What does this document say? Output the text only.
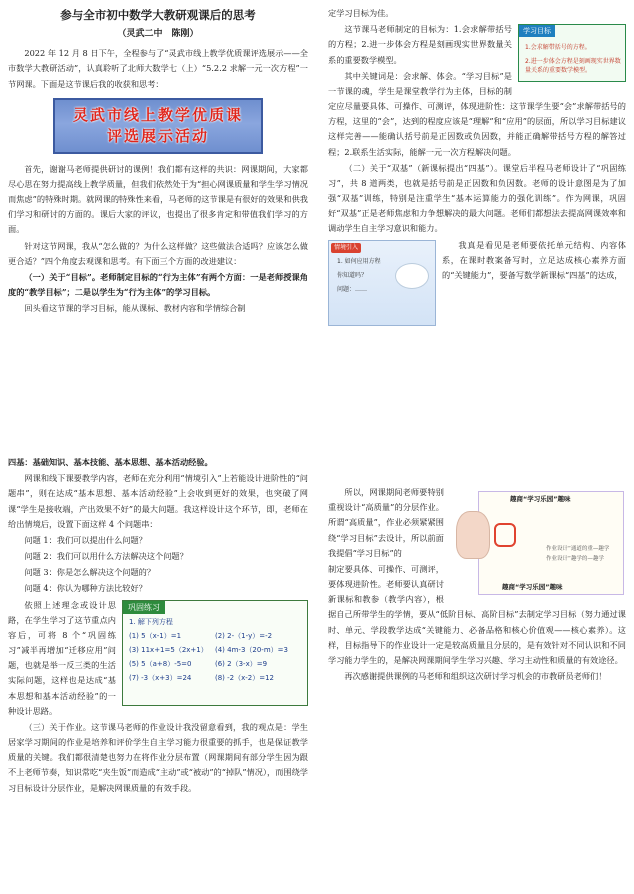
参与全市初中数学大教研观课后的思考
（灵武二中　陈刚）

2022 年 12 月 8 日下午，全程参与了“灵武市线上教学优质课评选展示——全市数学大教研活动”，认真聆听了北师大数学七（上）“5.2.2 求解一元一次方程”一节网课。下面是这节课后我的收获和思考：

灵武市线上教学优质课
评选展示活动

首先，谢谢马老师提供研讨的课例！我们都有这样的共识：网课期间，大家都尽心思在努力提高线上教学质量，但我们依然处于为“担心网课质量和学生学习情况而焦虑”的特殊时期。就网课的特殊性来看，马老师的这节课是有很好的效果和供我们学习和研讨的方面的。课后大家的评议，也提出了很多肯定和带值我们学习的方面。

针对这节网课，我从“怎么做的？为什么这样做？这些做法合适吗？应该怎么做更合适？”四个角度去观课和思考。有下面三个方面的改进建议：

（一）关于“目标”。老师制定目标的“行为主体”有两个方面：一是老师授课角度的“教学目标”；二是以学生为“行为主体”的学习目标。

回头看这节课的学习目标，能从课标、教材内容和学情综合制

定学习目标为佳。

学习目标
1.会求解带括号的方程。
2.进一步体会方程是刻画现实世界数量关系的重要数学模型。

这节课马老师制定的目标为：1.会求解带括号的方程；2.进一步体会方程是刻画现实世界数量关系的重要数学模型。

其中关键词是：会求解、体会。“学习目标”是一节课的魂，学生是课堂教学行为主体，目标的制定应尽量要具体、可操作、可测评，体现进阶性：这节课学生要“会”求解带括号的方程，这里的“会”，达到的程度应该是“理解”和“应用”的层面，所以学习目标建议这样完善——能确认括号前是正因数或负因数，并能正确解带括号方程的解答过程；2.联系生活实际，能解一元一次方程解决问题。

（二）关于“双基”（新课标提出“四基”）。课堂后半程马老师设计了“巩固练习”，共 8 道两类，也就是括号前是正因数和负因数。老师的设计意图是为了加强“双基”训练，特别是注重学生“基本运算能力的强化训练”。作为网课，巩固好“双基”正是老师焦虑和力争想解决的最大问题。老师们都想法去提高网课效率和调动学生自主学习意识和能力。

情境引入
1. 如何应用方程
你知道吗？
问题：……

我真是看见是老师要依托单元结构、内容体系，在课时教案备写时，立足达成核心素养方面的“关键能力”，要备写数学新课标“四基”的达成，

四基：基础知识、基本技能、基本思想、基本活动经验。

网课和线下课要教学内容，老师在充分利用“情境引入”上若能设计进阶性的“问题串”，则在达成“基本思想、基本活动经验”上会收到更好的效果，也突破了网课“学生是接收端，产出效果不好”的最大问题。我这样设计这个环节，即，老师在给出情境后，设置下面这样 4 个问题串：

问题 1：我们可以提出什么问题？

问题 2：我们可以用什么方法解决这个问题？

问题 3：你是怎么解决这个问题的？

问题 4：你认为哪种方法比较好？

巩固练习
1. 解下列方程
(1) 5（x-1）=1	(2) 2-（1-y）=-2
(3) 11x+1=5（2x+1） (4) 4m-3（20-m）=3
(5) 5（a+8）-5=0	(6) 2（3-x）=9
(7) -3（x+3）=24	(8) -2（x-2）=12

依照上述理念或设计思路，在学生学习了这节重点内容后，可将 8 个“巩固练习”减半再增加“迁移应用”问题，也就是举一反三类的生活实际问题，这样也是达成“基本思想和基本活动经验”的一种设计思路。

（三）关于作业。这节课马老师的作业设计我没留意看到，我的观点是：学生居家学习期间的作业是培养和评价学生自主学习能力很重要的抓手，也是保证教学质量的关键。我们都很清楚也努力在将作业分层布置（网课期间有部分学生因为跟不上老师节奏，知识常吃“夹生饭”而造成“主动”或“被动”的“掉队”情况），而围绕学习目标设计分层作业，是解决网课质量的有效手段。

趣商“学习乐园”趣味
作业设计“通道的重—趣学
作业设计“趣学的—趣学
趣商“学习乐园”趣味

所以，网课期间老师要特别重视设计“高质量”的分层作业。所谓“高质量”，作业必须紧紧围绕“学习目标”去设计，所以前面我提倡“学习目标”的

制定要具体、可操作、可测评，要体现进阶性。老师要认真研讨新课标和教参（教学内容），根据自己所带学生的学情，要从“低阶目标、高阶目标”去制定学习目标（努力通过课时、单元、学段教学达成“关键能力、必备品格和核心价值观——核心素养）。这样，目标指导下的作业设计一定是较高质量且分层的，是有效针对不同认识和不同学习能力学生的，是解决网课期间学生学习兴趣、学习主动性和质量的有效途径。

再次感谢提供课例的马老师和组织这次研讨学习机会的市教研员老师们！
